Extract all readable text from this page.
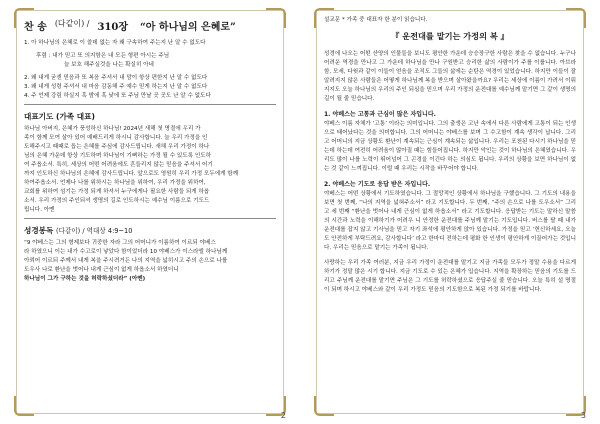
찬 송 (다같이) / 310장 “아 하나님의 은혜로”

1. 아 하나님의 은혜로 이 쓸데 없는 자 왜 구속하여 주는지 난 알 수 없도다

후렴 : 내가 믿고 또 의지함은 내 모든 형편 아시는 주님

늘 보호 해주실것을 나는 확실히 아네

2. 왜 내게 굳센 믿음과 또 복음 주셔서 내 맘이 항상 편한지 난 알 수 없도다

3. 왜 내게 성령 주셔서 내 마음 감동해 주 예수 믿게 하는지 난 알 수 없도다

4. 주 언제 강림 하실지 혹 밤에 혹 낮에 또 주님 만날 곳 곳도 난 알 수 없도다

대표기도 (가족 대표)

하나님 아버지, 은혜가 풍성하신 하나님! 2024년 새해 첫 명절에 우리 가

족이 함께 모여 살아 있어 예배드리게 하시니 감사합니다. 늘 우리 가정을 인

도해주시고 때때로 돕는 은혜를 주심에 감사드립니다. 새해 우리 가정이 하나

님의 은혜 가운데 항상 기도하며 하나님이 기뻐하는 가정 될 수 있도록 인도하

여 주옵소서. 특히, 세상의 어떤 어려움에도 흔들리지 않는 믿음을 주셔서 어기

까지 인도하신 하나님의 은혜에 감사드립니다. 앞으로도 영원히 우리 가정 모두에게 함께

하여주옵소서. 언제나 나를 위하시는 하나님을 위하여, 우리 가정을 위하여,

교회를 위하여 섬기는 가정 되게 하셔서 누구에게나 필요한 사람들 되게 하옵

소서. 우리 가정의 주인되셔 생명의 길로 인도하시는 예수님 이름으로 기도드

립니다. 아멘

성경봉독 (다같이) / 역대상 4:9~10

“9 야베스는 그의 형제보다 귀중한 자라 그의 어머니가 이름하여 이르되 야베스

라 하였으니 이는 내가 수고로이 낳았다 함이었더라 10 야베스가 이스라엘 하나님께

아뢰어 이르되 주께서 내게 복을 주시려거든 나의 지역을 넓히시고 주의 손으로 나를

도우사 나로 환난을 벗어나 내게 근심이 없게 하옵소서 하였더니

하나님이 그가 구하는 것을 허락하셨더라” (아멘)

2

설교문 * 가족 중 대표자 한 분이 읽습니다.

『 운전대를 맡기는 가정의 복 』

성경에 나오는 어떤 산양의 인물들을 보니도 평안한 가운데 승승장구한 사람은 찾을 수 없습니다. 누구나 어려운 역경을 만나고 그 가운데 하나님을 만나 구원받고 승리한 삶의 사람이가 주를 이룹니다. 아브라함, 모세, 다윗과 같이 이들이 얻음을 조직도 그들의 삶에는 순탄은 역경이 있었습니다. 하지만 이들이 잘 알려지지 않은 사람들은 어떻게 하나님께 복을 받으며 살아왔을까요? 우리는 세상에 이름이 가려서 이뤄지지도 오늘 하나님의 우리의 주인 되심을 믿으며 우리 가정의 운전대를 예수님께 맡기면 그 같이 생명의 길이 될 줄 믿습니다.

1. 야베스는 고통과 근심이 많은 자입니다.

야베스 이름 자체가 ‘고통’ 이라는 의미입니다. 그의 출생은 고난 속에서 다른 사람에게 고통이 되는 인생으로 태어났다는 것을 의미합니다. 그의 어머니는 야베스를 보며 그 수고함이 계속 생각이 납니다. 그리고 어머니의 지금 상황도 환난이 계속되는 근심이 계속되는 삶입니다. 우리는 포천된 다시기 하나님을 믿는데 하는데 여전히 어려움이 많아질 때는 힘들어집니다. 하지만 악인는 것이 하나님의 은혜였습니다. 우리도 많이 나를 노력이 뛰어넘어 그 곤경을 이긴다 하는 의심도 됩니다. 우리의 상황을 보면 하나님이 없는 것 같이 느껴집니다. 이럴 때 우리는 시작을 바꾸어야 합니다.

2. 야베스는 기도로 응답 받은 자입니다.

야베스는 어떤 상황에서 기도하였습니다. 그 절망적인 상황에서 하나님을 구했습니다. 그 기도의 내용을 보면 첫 번째, “나의 지역을 넓혀주소서” 라고 기도합니다. 두 번째, “주의 손으로 나를 도우소서” 그리고 세 번째 “환난을 벗어나 내게 근심이 없게 하옵소서” 라고 기도합니다. 응답받는 기도는 말하신 말씀의 시간과 노력을 이해하기가 어려우 니 안정한 운전대를 주님께 맡기는 기도입니다. 버스를 탈 때 내가 운전대를 잡지 않고 기사님을 믿고 자기 좌석에 평안하게 앉아 있습니다. 가정을 믿고 ‘헌신하세요, 오늘도 안전하게 부탁드려요, 감사합니다’ 라고 한마디 전하는데 평화 한 인생이 평안하게 이끌어가는 것입니다. 우리는 믿음으로 맡기는 가족이 됩니다.

사랑하는 우리 가족 여러분, 지금 우리 가정이 운전대를 맡기고 지금 가족들 모두가 정말 수용을 다르게하기가 정말 많은 시기 합니다. 지금 기도로 수 있는 은혜가 입습니다. 지역을 확장하는 믿음의 기도를 드리고 주님께 운전대를 맡기면 주님은 그 기도를 허락하셨으로 응답주실 줄 믿습니다. 오늘 특히 설 명절이 되며 하시고 야베스와 같이 우리 가정도 믿음의 기도함으로 복된 가정 되기를 바랍니다.

3
